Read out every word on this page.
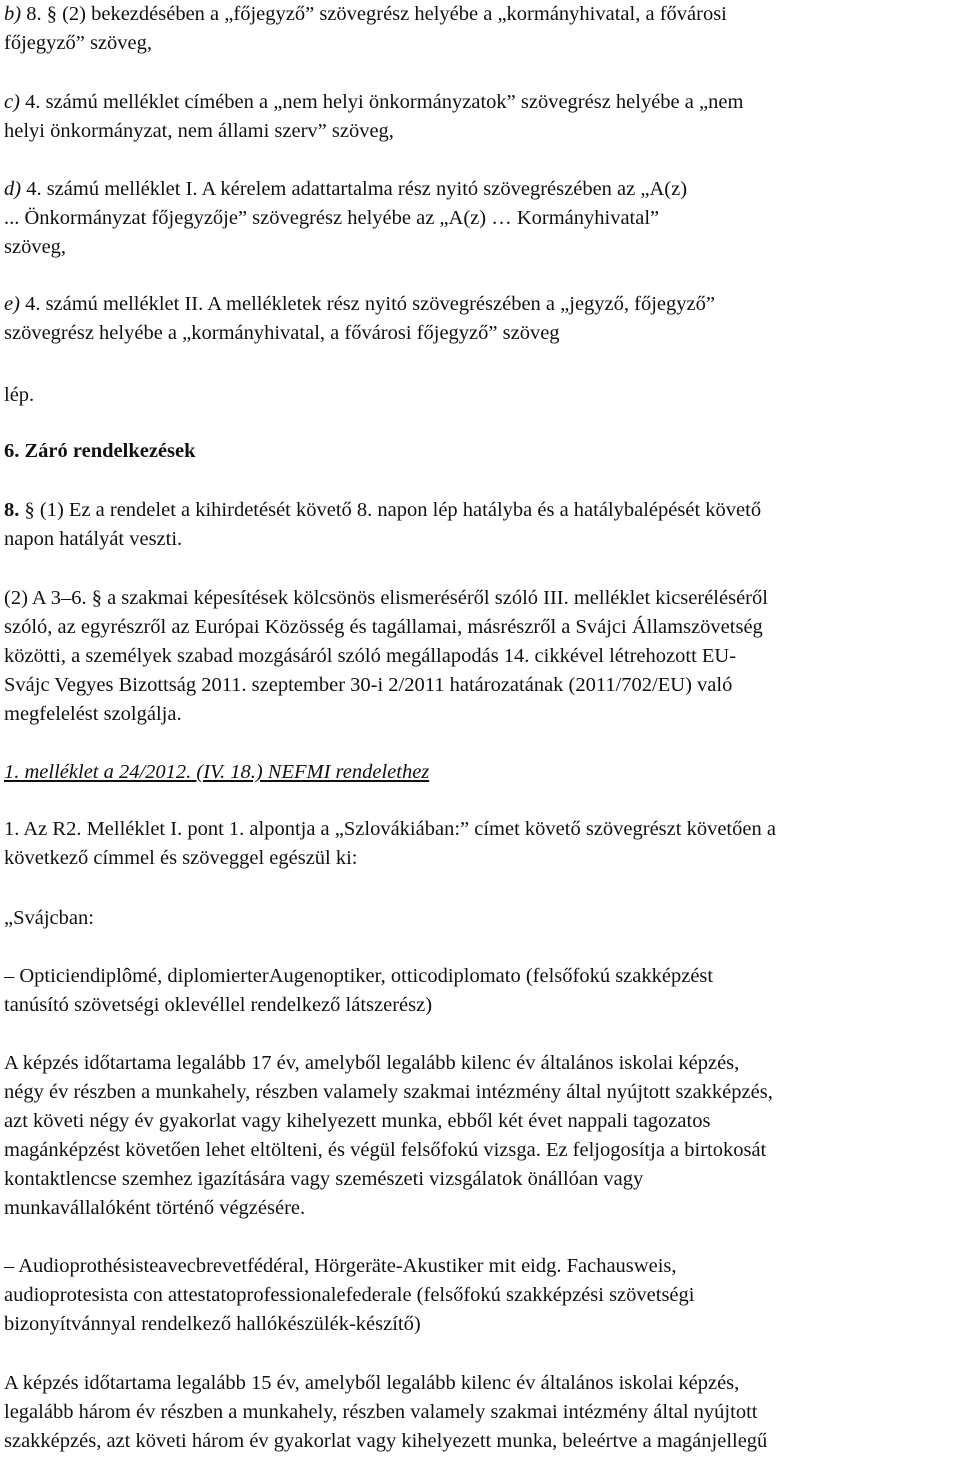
b) 8. § (2) bekezdésében a „főjegyző” szövegrész helyébe a „kormányhivatal, a fővárosi
főjegyző” szöveg,
c) 4. számú melléklet címében a „nem helyi önkormányzatok” szövegrész helyébe a „nem
helyi önkormányzat, nem állami szerv” szöveg,
d) 4. számú melléklet I. A kérelem adattartalma rész nyitó szövegrészében az „A(z)
... Önkormányzat főjegyzője” szövegrész helyébe az „A(z) … Kormányhivatal”
szöveg,
e) 4. számú melléklet II. A mellékletek rész nyitó szövegrészében a „jegyző, főjegyző”
szövegrész helyébe a „kormányhivatal, a fővárosi főjegyző” szöveg
lép.
6. Záró rendelkezések
8. § (1) Ez a rendelet a kihirdetését követő 8. napon lép hatályba és a hatálybalépését követő
napon hatályát veszti.
(2) A 3–6. § a szakmai képesítések kölcsönös elismeréséről szóló III. melléklet kicseréléséről
szóló, az egyrészről az Európai Közösség és tagállamai, másrészről a Svájci Államszövetség
közötti, a személyek szabad mozgásáról szóló megállapodás 14. cikkével létrehozott EU-
Svájc Vegyes Bizottság 2011. szeptember 30-i 2/2011 határozatának (2011/702/EU) való
megfelelést szolgálja.
1. melléklet a 24/2012. (IV. 18.) NEFMI rendelethez
1. Az R2. Melléklet I. pont 1. alpontja a „Szlovákiában:” címet követő szövegrészt követően a
következő címmel és szöveggel egészül ki:
„Svájcban:
– Opticiendiplômé, diplomierterAugenoptiker, otticodiplomato (felsőfokú szakképzést
tanúsító szövetségi oklevéllel rendelkező látszerész)
A képzés időtartama legalább 17 év, amelyből legalább kilenc év általános iskolai képzés,
négy év részben a munkahely, részben valamely szakmai intézmény által nyújtott szakképzés,
azt követi négy év gyakorlat vagy kihelyezett munka, ebből két évet nappali tagozatos
magánképzést követően lehet eltölteni, és végül felsőfokú vizsga. Ez feljogosítja a birtokosát
kontaktlencse szemhez igazítására vagy szemészeti vizsgálatok önállóan vagy
munkavállalóként történő végzésére.
– Audioprothésisteavecbrevetfédéral, Hörgeräte-Akustiker mit eidg. Fachausweis,
audioprotesista con attestatoprofessionalefederale (felsőfokú szakképzési szövetségi
bizonyítvánnyal rendelkező hallókészülék-készítő)
A képzés időtartama legalább 15 év, amelyből legalább kilenc év általános iskolai képzés,
legalább három év részben a munkahely, részben valamely szakmai intézmény által nyújtott
szakképzés, azt követi három év gyakorlat vagy kihelyezett munka, beleértve a magánjellegű
